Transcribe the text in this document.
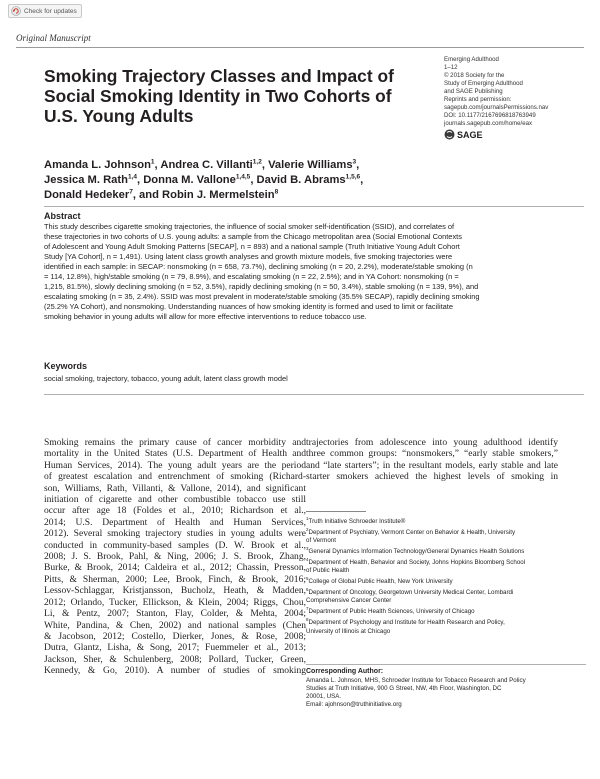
Check for updates
Original Manuscript
Smoking Trajectory Classes and Impact of Social Smoking Identity in Two Cohorts of U.S. Young Adults
Emerging Adulthood
1–12
© 2018 Society for the
Study of Emerging Adulthood
and SAGE Publishing
Reprints and permission:
sagepub.com/journalsPermissions.nav
DOI: 10.1177/2167696818763949
journals.sagepub.com/home/eax
SAGE
Amanda L. Johnson$^1$, Andrea C. Villanti$^{1,2}$, Valerie Williams$^3$,
Jessica M. Rath$^{1,4}$, Donna M. Vallone$^{1,4,5}$, David B. Abrams$^{1,5,6}$,
Donald Hedeker$^7$, and Robin J. Mermelstein$^8$
Abstract
This study describes cigarette smoking trajectories, the influence of social smoker self-identification (SSID), and correlates of
these trajectories in two cohorts of U.S. young adults: a sample from the Chicago metropolitan area (Social Emotional Contexts
of Adolescent and Young Adult Smoking Patterns [SECAP], n = 893) and a national sample (Truth Initiative Young Adult Cohort
Study [YA Cohort], n = 1,491). Using latent class growth analyses and growth mixture models, five smoking trajectories were
identified in each sample: in SECAP: nonsmoking (n = 658, 73.7%), declining smoking (n = 20, 2.2%), moderate/stable smoking (n
= 114, 12.8%), high/stable smoking (n = 79, 8.9%), and escalating smoking (n = 22, 2.5%); and in YA Cohort: nonsmoking (n =
1,215, 81.5%), slowly declining smoking (n = 52, 3.5%), rapidly declining smoking (n = 50, 3.4%), stable smoking (n = 139, 9%), and
escalating smoking (n = 35, 2.4%). SSID was most prevalent in moderate/stable smoking (35.5% SECAP), rapidly declining smoking
(25.2% YA Cohort), and nonsmoking. Understanding nuances of how smoking identity is formed and used to limit or facilitate
smoking behavior in young adults will allow for more effective interventions to reduce tobacco use.
Keywords
social smoking, trajectory, tobacco, young adult, latent class growth model
Smoking remains the primary cause of cancer morbidity and
mortality in the United States (U.S. Department of Health and
Human Services, 2014). The young adult years are the period
of greatest escalation and entrenchment of smoking (Richard-
son, Williams, Rath, Villanti, & Vallone, 2014), and significant
initiation of cigarette and other combustible tobacco use still
occur after age 18 (Foldes et al., 2010; Richardson et al.,
2014; U.S. Department of Health and Human Services,
2012). Several smoking trajectory studies in young adults were
conducted in community-based samples (D. W. Brook et al.,
2008; J. S. Brook, Pahl, & Ning, 2006; J. S. Brook, Zhang,
Burke, & Brook, 2014; Caldeira et al., 2012; Chassin, Presson,
Pitts, & Sherman, 2000; Lee, Brook, Finch, & Brook, 2016;
Lessov-Schlaggar, Kristjansson, Bucholz, Heath, & Madden,
2012; Orlando, Tucker, Ellickson, & Klein, 2004; Riggs, Chou,
Li, & Pentz, 2007; Stanton, Flay, Colder, & Mehta, 2004;
White, Pandina, & Chen, 2002) and national samples (Chen
& Jacobson, 2012; Costello, Dierker, Jones, & Rose, 2008;
Dutra, Glantz, Lisha, & Song, 2017; Fuemmeler et al., 2013;
Jackson, Sher, & Schulenberg, 2008; Pollard, Tucker, Green,
Kennedy, & Go, 2010). A number of studies of smoking
trajectories from adolescence into young adulthood identify
three common groups: “nonsmokers,” “early stable smokers,”
and “late starters”; in the resultant models, early stable and late
starter smokers achieved the highest levels of smoking in
$^1$Truth Initiative Schroeder Institute®
$^2$Department of Psychiatry, Vermont Center on Behavior & Health, University
of Vermont
$^3$General Dynamics Information Technology/General Dynamics Health Solutions
$^4$Department of Health, Behavior and Society, Johns Hopkins Bloomberg School
of Public Health
$^5$College of Global Public Health, New York University
$^6$Department of Oncology, Georgetown University Medical Center, Lombardi
Comprehensive Cancer Center
$^7$Department of Public Health Sciences, University of Chicago
$^8$Department of Psychology and Institute for Health Research and Policy,
University of Illinois at Chicago
Corresponding Author:
Amanda L. Johnson, MHS, Schroeder Institute for Tobacco Research and Policy
Studies at Truth Initiative, 900 G Street, NW, 4th Floor, Washington, DC
20001, USA.
Email: ajohnson@truthinitiative.org
